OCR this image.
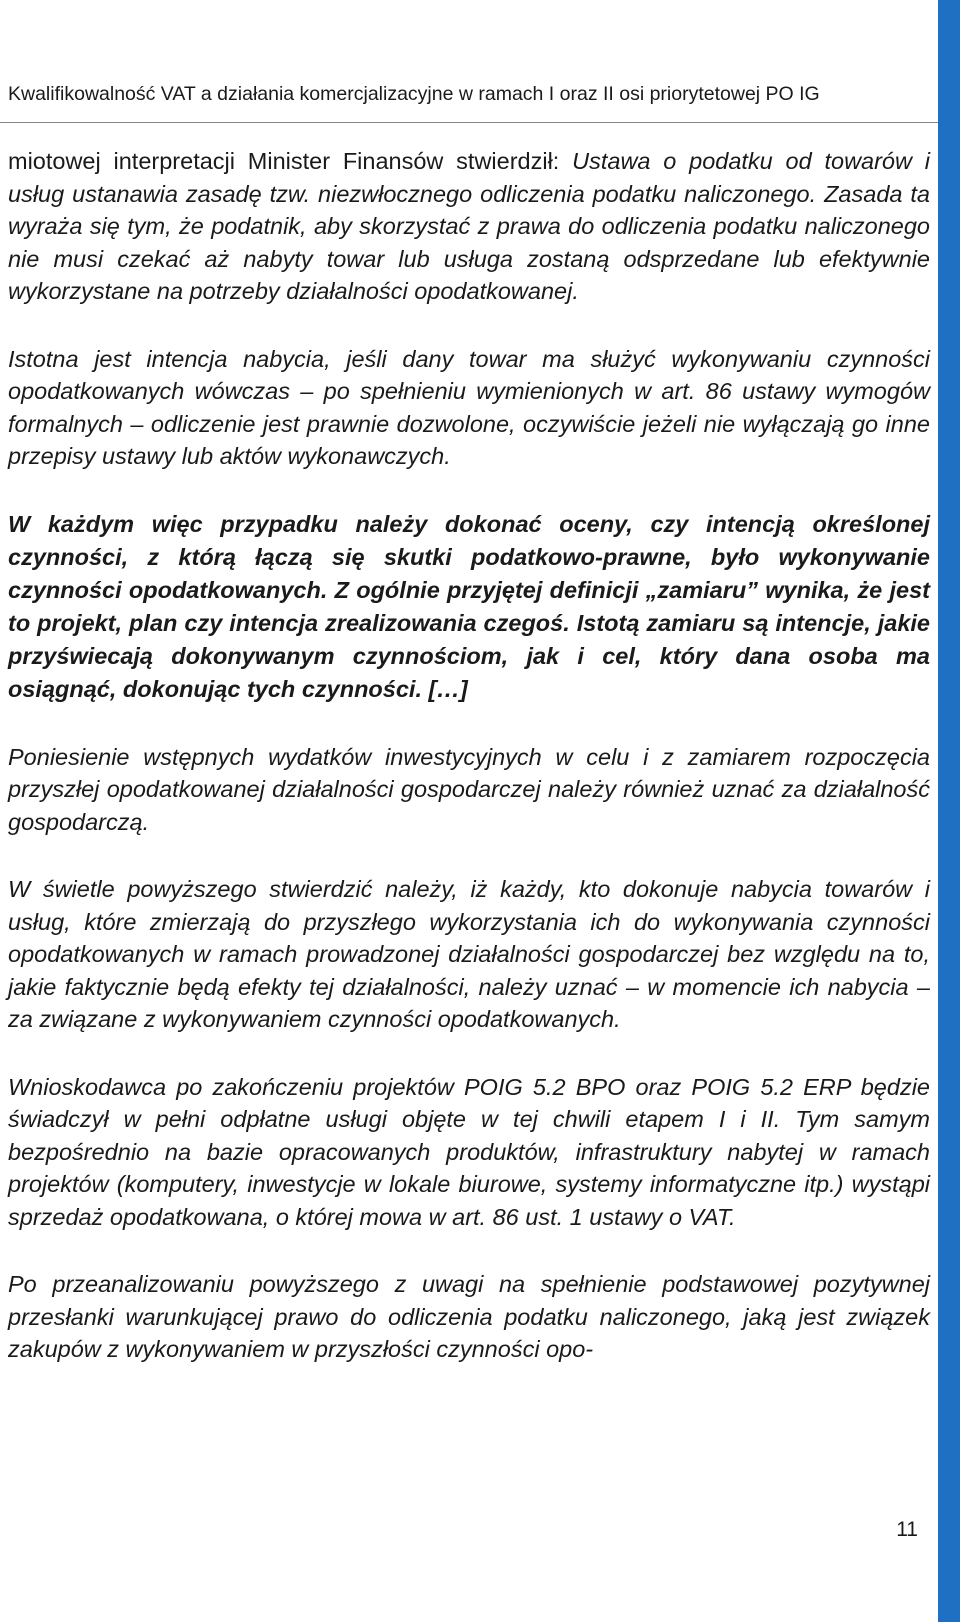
Kwalifikowalność VAT a działania komercjalizacyjne w ramach I oraz II osi priorytetowej PO IG

miotowej interpretacji Minister Finansów stwierdził: Ustawa o podatku od towarów i usług ustanawia zasadę tzw. niezwłocznego odliczenia podatku naliczonego. Zasada ta wyraża się tym, że podatnik, aby skorzystać z prawa do odliczenia podatku naliczonego nie musi czekać aż nabyty towar lub usługa zostaną odsprzedane lub efektywnie wykorzystane na potrzeby działalności opodatkowanej.

Istotna jest intencja nabycia, jeśli dany towar ma służyć wykonywaniu czynności opodatkowanych wówczas – po spełnieniu wymienionych w art. 86 ustawy wymogów formalnych – odliczenie jest prawnie dozwolone, oczywiście jeżeli nie wyłączają go inne przepisy ustawy lub aktów wykonawczych.

W każdym więc przypadku należy dokonać oceny, czy intencją określonej czynności, z którą łączą się skutki podatkowo-prawne, było wykonywanie czynności opodatkowanych. Z ogólnie przyjętej definicji „zamiaru” wynika, że jest to projekt, plan czy intencja zrealizowania czegoś. Istotą zamiaru są intencje, jakie przyświecają dokonywanym czynnościom, jak i cel, który dana osoba ma osiągnąć, dokonując tych czynności. […]

Poniesienie wstępnych wydatków inwestycyjnych w celu i z zamiarem rozpoczęcia przyszłej opodatkowanej działalności gospodarczej należy również uznać za działalność gospodarczą.

W świetle powyższego stwierdzić należy, iż każdy, kto dokonuje nabycia towarów i usług, które zmierzają do przyszłego wykorzystania ich do wykonywania czynności opodatkowanych w ramach prowadzonej działalności gospodarczej bez względu na to, jakie faktycznie będą efekty tej działalności, należy uznać – w momencie ich nabycia – za związane z wykonywaniem czynności opodatkowanych.

Wnioskodawca po zakończeniu projektów POIG 5.2 BPO oraz POIG 5.2 ERP będzie świadczył w pełni odpłatne usługi objęte w tej chwili etapem I i II. Tym samym bezpośrednio na bazie opracowanych produktów, infrastruktury nabytej w ramach projektów (komputery, inwestycje w lokale biurowe, systemy informatyczne itp.) wystąpi sprzedaż opodatkowana, o której mowa w art. 86 ust. 1 ustawy o VAT.

Po przeanalizowaniu powyższego z uwagi na spełnienie podstawowej pozytywnej przesłanki warunkującej prawo do odliczenia podatku naliczonego, jaką jest związek zakupów z wykonywaniem w przyszłości czynności opo-

11
